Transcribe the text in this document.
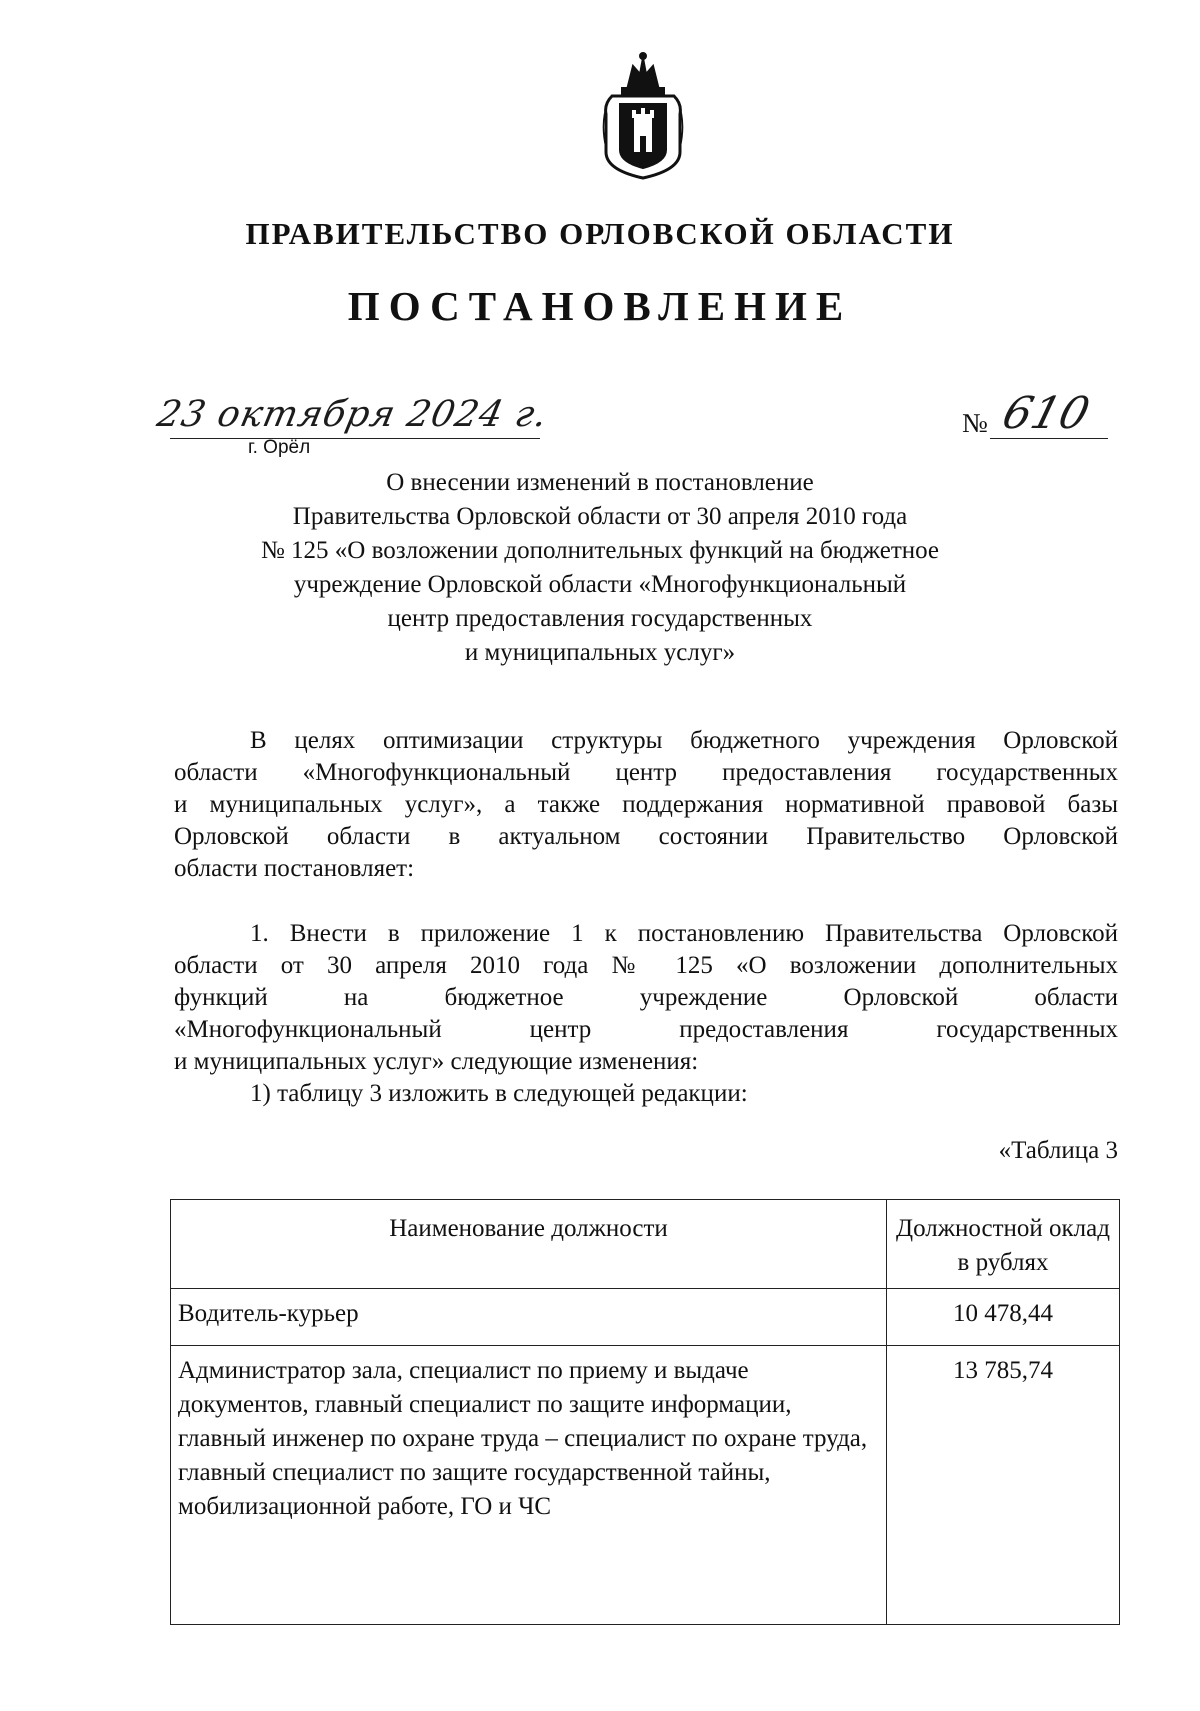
ПРАВИТЕЛЬСТВО ОРЛОВСКОЙ ОБЛАСТИ
ПОСТАНОВЛЕНИЕ
23 октября 2024 г.
г. Орёл
№ 610
О внесении изменений в постановление
Правительства Орловской области от 30 апреля 2010 года
№ 125 «О возложении дополнительных функций на бюджетное
учреждение Орловской области «Многофункциональный
центр предоставления государственных
и муниципальных услуг»
В целях оптимизации структуры бюджетного учреждения Орловской
области «Многофункциональный центр предоставления государственных
и муниципальных услуг», а также поддержания нормативной правовой базы
Орловской области в актуальном состоянии Правительство Орловской
области постановляет:
1. Внести в приложение 1 к постановлению Правительства Орловской
области от 30 апреля 2010 года № 125 «О возложении дополнительных
функций на бюджетное учреждение Орловской области
«Многофункциональный центр предоставления государственных
и муниципальных услуг» следующие изменения:
1) таблицу 3 изложить в следующей редакции:
«Таблица 3
Наименование должности	Должностной оклад в рублях
Водитель-курьер	10 478,44
Администратор зала, специалист по приему и выдаче документов, главный специалист по защите информации, главный инженер по охране труда – специалист по охране труда, главный специалист по защите государственной тайны, мобилизационной работе, ГО и ЧС	13 785,74
